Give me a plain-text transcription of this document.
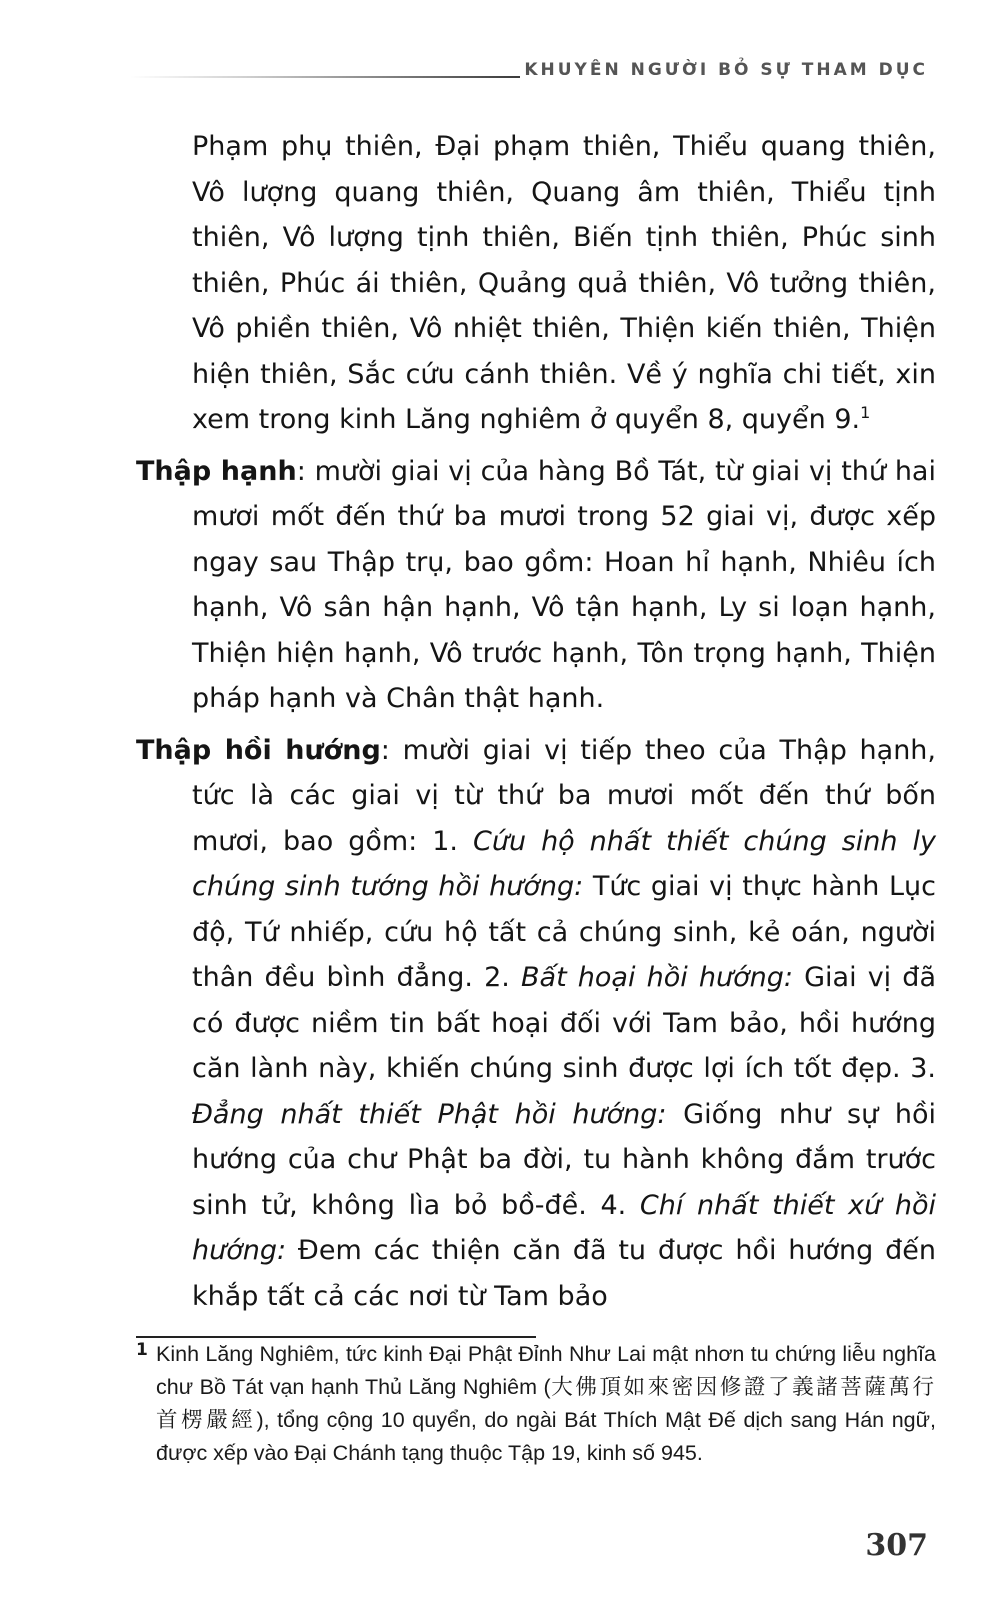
KHUYÊN NGƯỜI BỎ SỰ THAM DỤC

Phạm phụ thiên, Đại phạm thiên, Thiểu quang thiên, Vô lượng quang thiên, Quang âm thiên, Thiểu tịnh thiên, Vô lượng tịnh thiên, Biến tịnh thiên, Phúc sinh thiên, Phúc ái thiên, Quảng quả thiên, Vô tưởng thiên, Vô phiền thiên, Vô nhiệt thiên, Thiện kiến thiên, Thiện hiện thiên, Sắc cứu cánh thiên. Về ý nghĩa chi tiết, xin xem trong kinh Lăng nghiêm ở quyển 8, quyển 9.$^1$

Thập hạnh: mười giai vị của hàng Bồ Tát, từ giai vị thứ hai mươi mốt đến thứ ba mươi trong 52 giai vị, được xếp ngay sau Thập trụ, bao gồm: Hoan hỉ hạnh, Nhiêu ích hạnh, Vô sân hận hạnh, Vô tận hạnh, Ly si loạn hạnh, Thiện hiện hạnh, Vô trước hạnh, Tôn trọng hạnh, Thiện pháp hạnh và Chân thật hạnh.

Thập hồi hướng: mười giai vị tiếp theo của Thập hạnh, tức là các giai vị từ thứ ba mươi mốt đến thứ bốn mươi, bao gồm: 1. Cứu hộ nhất thiết chúng sinh ly chúng sinh tướng hồi hướng: Tức giai vị thực hành Lục độ, Tứ nhiếp, cứu hộ tất cả chúng sinh, kẻ oán, người thân đều bình đẳng. 2. Bất hoại hồi hướng: Giai vị đã có được niềm tin bất hoại đối với Tam bảo, hồi hướng căn lành này, khiến chúng sinh được lợi ích tốt đẹp. 3. Đẳng nhất thiết Phật hồi hướng: Giống như sự hồi hướng của chư Phật ba đời, tu hành không đắm trước sinh tử, không lìa bỏ bồ-đề. 4. Chí nhất thiết xứ hồi hướng: Đem các thiện căn đã tu được hồi hướng đến khắp tất cả các nơi từ Tam bảo

1 Kinh Lăng Nghiêm, tức kinh Đại Phật Đỉnh Như Lai mật nhơn tu chứng liễu nghĩa chư Bồ Tát vạn hạnh Thủ Lăng Nghiêm (大佛頂如來密因修證了義諸菩薩萬行首楞嚴經), tổng cộng 10 quyển, do ngài Bát Thích Mật Đế dịch sang Hán ngữ, được xếp vào Đại Chánh tạng thuộc Tập 19, kinh số 945.
307
